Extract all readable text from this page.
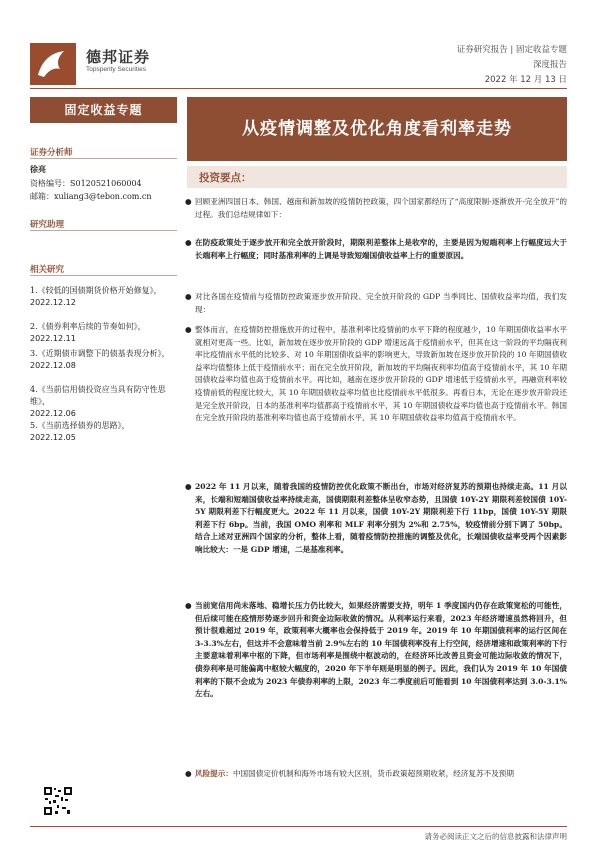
德邦证券
Topsperity Securities
证券研究报告 | 固定收益专题
深度报告
2022 年 12 月 13 日
固定收益专题
从疫情调整及优化角度看利率走势
证券分析师
徐亮
资格编号：S0120521060004
邮箱：xuliang3@tebon.com.cn
研究助理
相关研究
1.《较低的国债期货价格开始修复》，
2022.12.12
2.《债券利率后续的节奏如何》，
2022.12.11
3.《近期债市调整下的债基表现分析》，
2022.12.08
4.《当前信用债投资应当具有防守性思维》，
2022.12.06
5.《当前选择债券的思路》，
2022.12.05
投资要点：
● 回顾亚洲四国日本、韩国、越南和新加坡的疫情防控政策，四个国家都经历了“高度限制-逐渐放开-完全放开”的过程。我们总结规律如下：
● 在防疫政策处于逐步放开和完全放开阶段时，期限利差整体上是收窄的，主要是因为短端利率上行幅度远大于长端利率上行幅度；同时基准利率的上调是导致短端国债收益率上行的重要原因。
● 对比各国在疫情前与疫情防控政策逐步放开阶段、完全放开阶段的 GDP 当季同比、国债收益率均值，我们发现：
● 整体而言，在疫情防控措施放开的过程中，基准利率比疫情前的水平下降的程度越少，10 年期国债收益率水平就相对更高一些。比如，新加坡在逐步放开阶段的 GDP 增速远高于疫情前水平，但其在这一阶段的平均隔夜利率比疫情前水平低的比较多、对 10 年期国债收益率的影响更大，导致新加坡在逐步放开阶段的 10 年期国债收益率均值整体上低于疫情前水平；而在完全放开阶段，新加坡的平均隔夜利率均值高于疫情前水平，其 10 年期国债收益率均值也高于疫情前水平。再比如，越南在逐步放开阶段的 GDP 增速低于疫情前水平，再融资利率较疫情前低的程度比较大，其 10 年期国债收益率均值也比疫情前水平低很多。再看日本，无论在逐步放开阶段还是完全放开阶段，日本的基准利率均值都高于疫情前水平，其 10 年期国债收益率均值也高于疫情前水平。韩国在完全放开阶段的基准利率均值也高于疫情前水平，其 10 年期国债收益率均值高于疫情前水平。
● 2022 年 11 月以来，随着我国的疫情防控优化政策不断出台，市场对经济复苏的预期也持续走高。11 月以来，长端和短端国债收益率持续走高，国债期限利差整体呈收窄态势，且国债 10Y-2Y 期限利差较国债 10Y-5Y 期限利差下行幅度更大。2022 年 11 月以来，国债 10Y-2Y 期限利差下行 11bp，国债 10Y-5Y 期限利差下行 6bp。当前，我国 OMO 利率和 MLF 利率分别为 2%和 2.75%，较疫情前分别下调了 50bp。结合上述对亚洲四个国家的分析，整体上看，随着疫情防控措施的调整及优化，长端国债收益率受两个因素影响比较大：一是 GDP 增速，二是基准利率。
● 当前宽信用尚未落地、稳增长压力仍比较大，如果经济需要支持，明年 1 季度国内仍存在政策宽松的可能性，但后续可能在疫情形势逐步回升和资金边际收敛的情况。从利率运行来看，2023 年经济增速虽然将回升，但预计很难超过 2019 年，政策利率大概率也会保持低于 2019 年。2019 年 10 年期国债利率的运行区间在 3-3.3%左右，但这并不会意味着当前 2.9%左右的 10 年国债利率没有上行空间，经济增速和政策利率的下行主要意味着利率中枢的下降，但市场利率是围绕中枢波动的，在经济环比改善且资金可能边际收敛的情况下，债券利率是可能偏离中枢较大幅度的，2020 年下半年则是明显的例子。因此，我们认为 2019 年 10 年国债利率的下限不会成为 2023 年债券利率的上限，2023 年二季度前后可能看到 10 年国债利率达到 3.0-3.1%左右。
● 风险提示：中国国债定价机制和海外市场有较大区别，货币政策超预期收紧，经济复苏不及预期
请务必阅读正文之后的信息披露和法律声明
